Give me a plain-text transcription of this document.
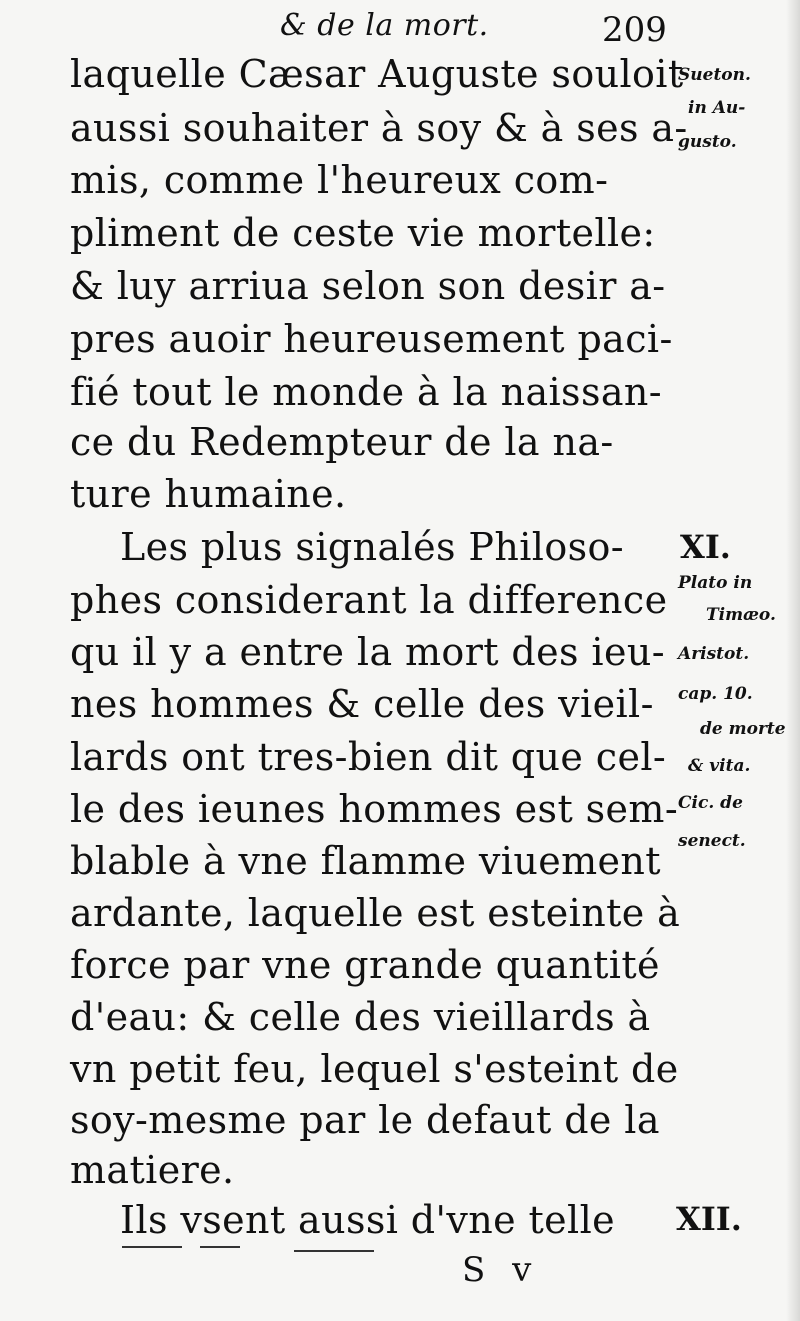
& de la mort.	209
laquelle Cæsar Auguste souloit
aussi souhaiter à soy & à ses a-
mis, comme l'heureux com-
pliment de ceste vie mortelle:
& luy arriua selon son desir a-
pres auoir heureusement paci-
fié tout le monde à la naissan-
ce du Redempteur de la na-
ture humaine.
Les plus signalés Philoso-
phes considerant la difference
qu il y a entre la mort des ieu-
nes hommes & celle des vieil-
lards ont tres-bien dit que cel-
le des ieunes hommes est sem-
blable à vne flamme viuement
ardante, laquelle est esteinte à
force par vne grande quantité
d'eau: & celle des vieillards à
vn petit feu, lequel s'esteint de
soy-mesme par le defaut de la
matiere.
Ils vsent aussi d'vne telle
Sueton.
in Au-
gusto.
XI.
Plato in
Timæo.
Aristot.
cap. 10.
de morte
& vita.
Cic. de
senect.
XII.
S v
